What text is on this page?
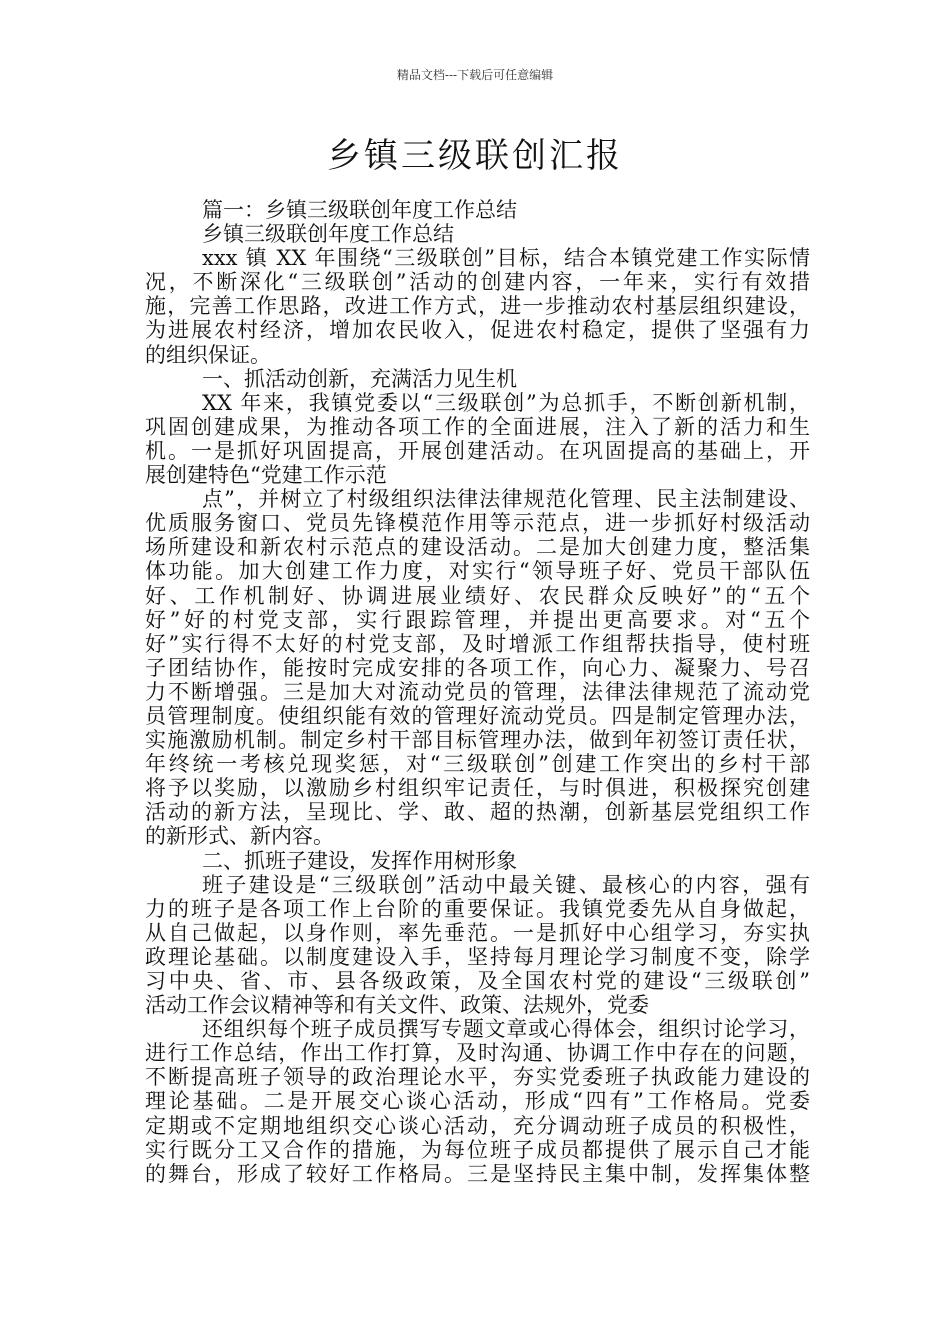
精品文档---下载后可任意编辑
乡镇三级联创汇报
篇一：乡镇三级联创年度工作总结
乡镇三级联创年度工作总结
xxx 镇 XX 年围绕“三级联创”目标，结合本镇党建工作实际情
况，不断深化“三级联创”活动的创建内容，一年来，实行有效措
施，完善工作思路，改进工作方式，进一步推动农村基层组织建设，
为进展农村经济，增加农民收入，促进农村稳定，提供了坚强有力
的组织保证。
一、抓活动创新，充满活力见生机
XX 年来，我镇党委以“三级联创”为总抓手，不断创新机制，
巩固创建成果，为推动各项工作的全面进展，注入了新的活力和生
机。一是抓好巩固提高，开展创建活动。在巩固提高的基础上，开
展创建特色“党建工作示范
点”，并树立了村级组织法律法律规范化管理、民主法制建设、
优质服务窗口、党员先锋模范作用等示范点，进一步抓好村级活动
场所建设和新农村示范点的建设活动。二是加大创建力度，整活集
体功能。加大创建工作力度，对实行“领导班子好、党员干部队伍
好、工作机制好、协调进展业绩好、农民群众反映好”的“五个
好”好的村党支部，实行跟踪管理，并提出更高要求。对“五个
好”实行得不太好的村党支部，及时增派工作组帮扶指导，使村班
子团结协作，能按时完成安排的各项工作，向心力、凝聚力、号召
力不断增强。三是加大对流动党员的管理，法律法律规范了流动党
员管理制度。使组织能有效的管理好流动党员。四是制定管理办法，
实施激励机制。制定乡村干部目标管理办法，做到年初签订责任状，
年终统一考核兑现奖惩，对“三级联创”创建工作突出的乡村干部
将予以奖励，以激励乡村组织牢记责任，与时俱进，积极探究创建
活动的新方法，呈现比、学、敢、超的热潮，创新基层党组织工作
的新形式、新内容。
二、抓班子建设，发挥作用树形象
班子建设是“三级联创”活动中最关键、最核心的内容，强有
力的班子是各项工作上台阶的重要保证。我镇党委先从自身做起，
从自己做起，以身作则，率先垂范。一是抓好中心组学习，夯实执
政理论基础。以制度建设入手，坚持每月理论学习制度不变，除学
习中央、省、市、县各级政策，及全国农村党的建设“三级联创”
活动工作会议精神等和有关文件、政策、法规外，党委
还组织每个班子成员撰写专题文章或心得体会，组织讨论学习，
进行工作总结，作出工作打算，及时沟通、协调工作中存在的问题，
不断提高班子领导的政治理论水平，夯实党委班子执政能力建设的
理论基础。二是开展交心谈心活动，形成“四有”工作格局。党委
定期或不定期地组织交心谈心活动，充分调动班子成员的积极性，
实行既分工又合作的措施，为每位班子成员都提供了展示自己才能
的舞台，形成了较好工作格局。三是坚持民主集中制，发挥集体整
